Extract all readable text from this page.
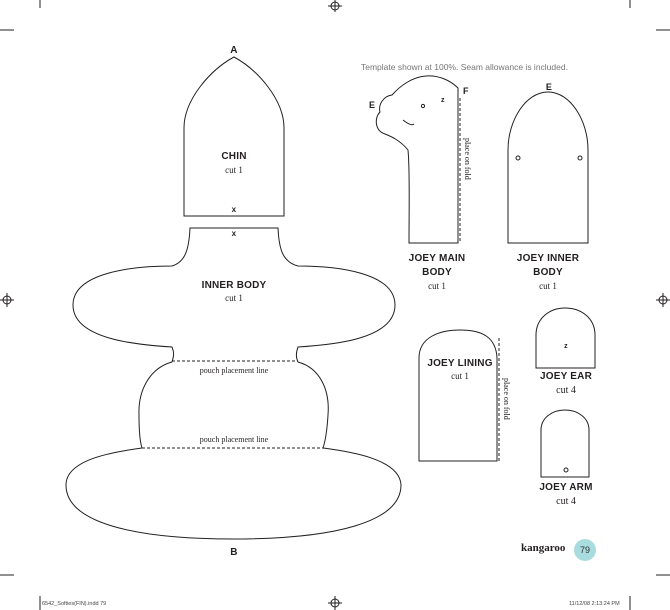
Template shown at 100%. Seam allowance is included.
A
CHIN
cut 1
x
x
INNER BODY
cut 1
pouch placement line
pouch placement line
B
E
F
z
place on fold
JOEY MAIN
BODY
cut 1
E
JOEY INNER
BODY
cut 1
JOEY LINING
cut 1
place on fold
z
JOEY EAR
cut 4
JOEY ARM
cut 4
kangaroo	79
6542_Softies(FIN).indd 79	11/12/08 2:13:24 PM
